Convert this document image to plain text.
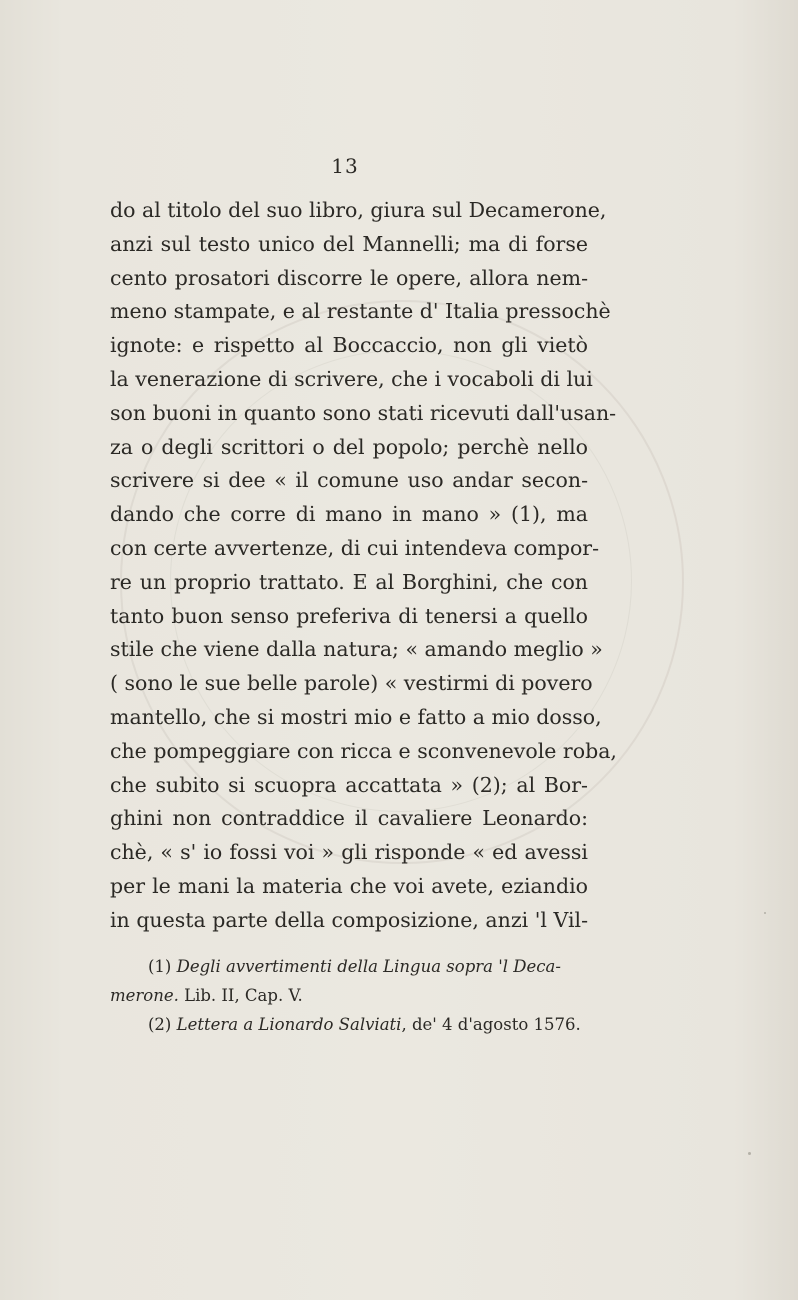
13
do al titolo del suo libro, giura sul Decamerone,
anzi sul testo unico del Mannelli; ma di forse
cento prosatori discorre le opere, allora nem-
meno stampate, e al restante d' Italia pressochè
ignote: e rispetto al Boccaccio, non gli vietò
la venerazione di scrivere, che i vocaboli di lui
son buoni in quanto sono stati ricevuti dall'usan-
za o degli scrittori o del popolo; perchè nello
scrivere si dee « il comune uso andar secon-
dando che corre di mano in mano » (1), ma
con certe avvertenze, di cui intendeva compor-
re un proprio trattato. E al Borghini, che con
tanto buon senso preferiva di tenersi a quello
stile che viene dalla natura; « amando meglio »
( sono le sue belle parole) « vestirmi di povero
mantello, che si mostri mio e fatto a mio dosso,
che pompeggiare con ricca e sconvenevole roba,
che subito si scuopra accattata » (2); al Bor-
ghini non contraddice il cavaliere Leonardo:
chè, « s' io fossi voi » gli risponde « ed avessi
per le mani la materia che voi avete, eziandio
in questa parte della composizione, anzi 'l Vil-
(1) Degli avvertimenti della Lingua sopra 'l Deca-
merone. Lib. II, Cap. V.
(2) Lettera a Lionardo Salviati, de' 4 d'agosto 1576.
